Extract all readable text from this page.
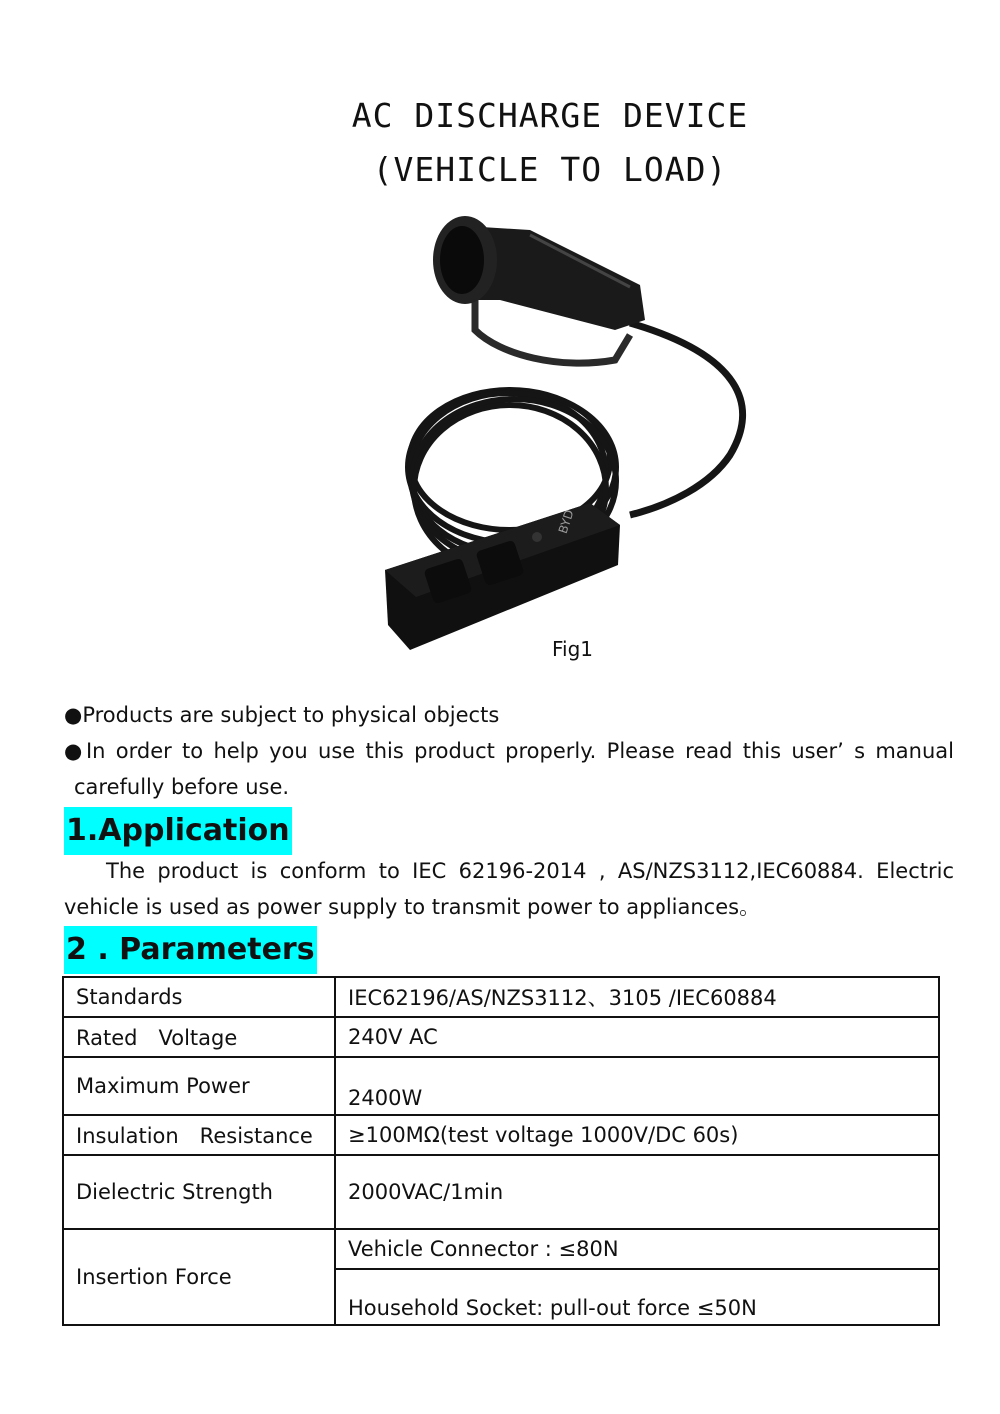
AC DISCHARGE DEVICE
(VEHICLE TO LOAD)
BYD
Fig1
●Products are subject to physical objects
●In order to help you use this product properly. Please read this user’ s manual
carefully before use.
1.Application
The product is conform to IEC 62196-2014 , AS/NZS3112,IEC60884. Electric
vehicle is used as power supply to transmit power to appliances。
2 . Parameters
Standards	IEC62196/AS/NZS3112、3105 /IEC60884
Rated　Voltage	240V AC
Maximum Power	2400W
Insulation　Resistance	≥100MΩ(test voltage 1000V/DC 60s)
Dielectric Strength	2000VAC/1min
Insertion Force	Vehicle Connector : ≤80N
	Household Socket: pull-out force ≤50N
